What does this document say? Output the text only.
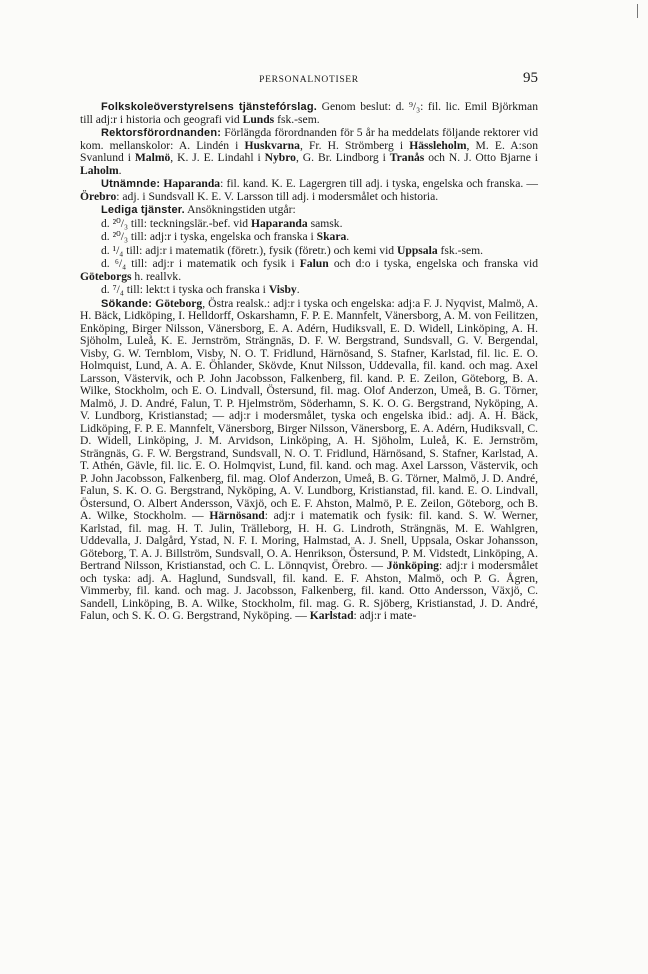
PERSONALNOTISER	95

Folkskoleöverstyrelsens tjänstefórslag. Genom beslut: d. ⁹/₃: fil. lic. Emil Björkman till adj:r i historia och geografi vid Lunds fsk.-sem.

Rektorsförordnanden: Förlängda förordnanden för 5 år ha meddelats följande rektorer vid kom. mellanskolor: A. Lindén i Huskvarna, Fr. H. Strömberg i Hässleholm, M. E. A:son Svanlund i Malmö, K. J. E. Lindahl i Nybro, G. Br. Lindborg i Tranås och N. J. Otto Bjarne i Laholm.

Utnämnde: Haparanda: fil. kand. K. E. Lagergren till adj. i tyska, engelska och franska. — Örebro: adj. i Sundsvall K. E. V. Larsson till adj. i modersmålet och historia.

Lediga tjänster. Ansökningstiden utgår:

d. ²⁰/₃ till: teckningslär.-bef. vid Haparanda samsk.

d. ²⁰/₃ till: adj:r i tyska, engelska och franska i Skara.

d. ¹/₄ till: adj:r i matematik (företr.), fysik (företr.) och kemi vid Uppsala fsk.-sem.

d. ⁶/₄ till: adj:r i matematik och fysik i Falun och d:o i tyska, engelska och franska vid Göteborgs h. reallvk.

d. ⁷/₄ till: lekt:t i tyska och franska i Visby.

Sökande: Göteborg, Östra realsk.: adj:r i tyska och engelska: adj:a F. J. Nyqvist, Malmö, A. H. Bäck, Lidköping, I. Helldorff, Oskarshamn, F. P. E. Mannfelt, Vänersborg, A. M. von Feilitzen, Enköping, Birger Nilsson, Vänersborg, E. A. Adérn, Hudiksvall, E. D. Widell, Linköping, A. H. Sjöholm, Luleå, K. E. Jernström, Strängnäs, D. F. W. Bergstrand, Sundsvall, G. V. Bergendal, Visby, G. W. Ternblom, Visby, N. O. T. Fridlund, Härnösand, S. Stafner, Karlstad, fil. lic. E. O. Holmquist, Lund, A. A. E. Öhlander, Skövde, Knut Nilsson, Uddevalla, fil. kand. och mag. Axel Larsson, Västervik, och P. John Jacobsson, Falkenberg, fil. kand. P. E. Zeilon, Göteborg, B. A. Wilke, Stockholm, och E. O. Lindvall, Östersund, fil. mag. Olof Anderzon, Umeå, B. G. Törner, Malmö, J. D. André, Falun, T. P. Hjelmström, Söderhamn, S. K. O. G. Bergstrand, Nyköping, A. V. Lundborg, Kristianstad; — adj:r i modersmålet, tyska och engelska ibid.: adj. A. H. Bäck, Lidköping, F. P. E. Mannfelt, Vänersborg, Birger Nilsson, Vänersborg, E. A. Adérn, Hudiksvall, C. D. Widell, Linköping, J. M. Arvidson, Linköping, A. H. Sjöholm, Luleå, K. E. Jernström, Strängnäs, G. F. W. Bergstrand, Sundsvall, N. O. T. Fridlund, Härnösand, S. Stafner, Karlstad, A. T. Athén, Gävle, fil. lic. E. O. Holmqvist, Lund, fil. kand. och mag. Axel Larsson, Västervik, och P. John Jacobsson, Falkenberg, fil. mag. Olof Anderzon, Umeå, B. G. Törner, Malmö, J. D. André, Falun, S. K. O. G. Bergstrand, Nyköping, A. V. Lundborg, Kristianstad, fil. kand. E. O. Lindvall, Östersund, O. Albert Andersson, Växjö, och E. F. Ahston, Malmö, P. E. Zeilon, Göteborg, och B. A. Wilke, Stockholm. — Härnösand: adj:r i matematik och fysik: fil. kand. S. W. Werner, Karlstad, fil. mag. H. T. Julin, Trälleborg, H. H. G. Lindroth, Strängnäs, M. E. Wahlgren, Uddevalla, J. Dalgård, Ystad, N. F. I. Moring, Halmstad, A. J. Snell, Uppsala, Oskar Johansson, Göteborg, T. A. J. Billström, Sundsvall, O. A. Henrikson, Östersund, P. M. Vidstedt, Linköping, A. Bertrand Nilsson, Kristianstad, och C. L. Lönnqvist, Örebro. — Jönköping: adj:r i modersmålet och tyska: adj. A. Haglund, Sundsvall, fil. kand. E. F. Ahston, Malmö, och P. G. Ågren, Vimmerby, fil. kand. och mag. J. Jacobsson, Falkenberg, fil. kand. Otto Andersson, Växjö, C. Sandell, Linköping, B. A. Wilke, Stockholm, fil. mag. G. R. Sjöberg, Kristianstad, J. D. André, Falun, och S. K. O. G. Bergstrand, Nyköping. — Karlstad: adj:r i mate-
